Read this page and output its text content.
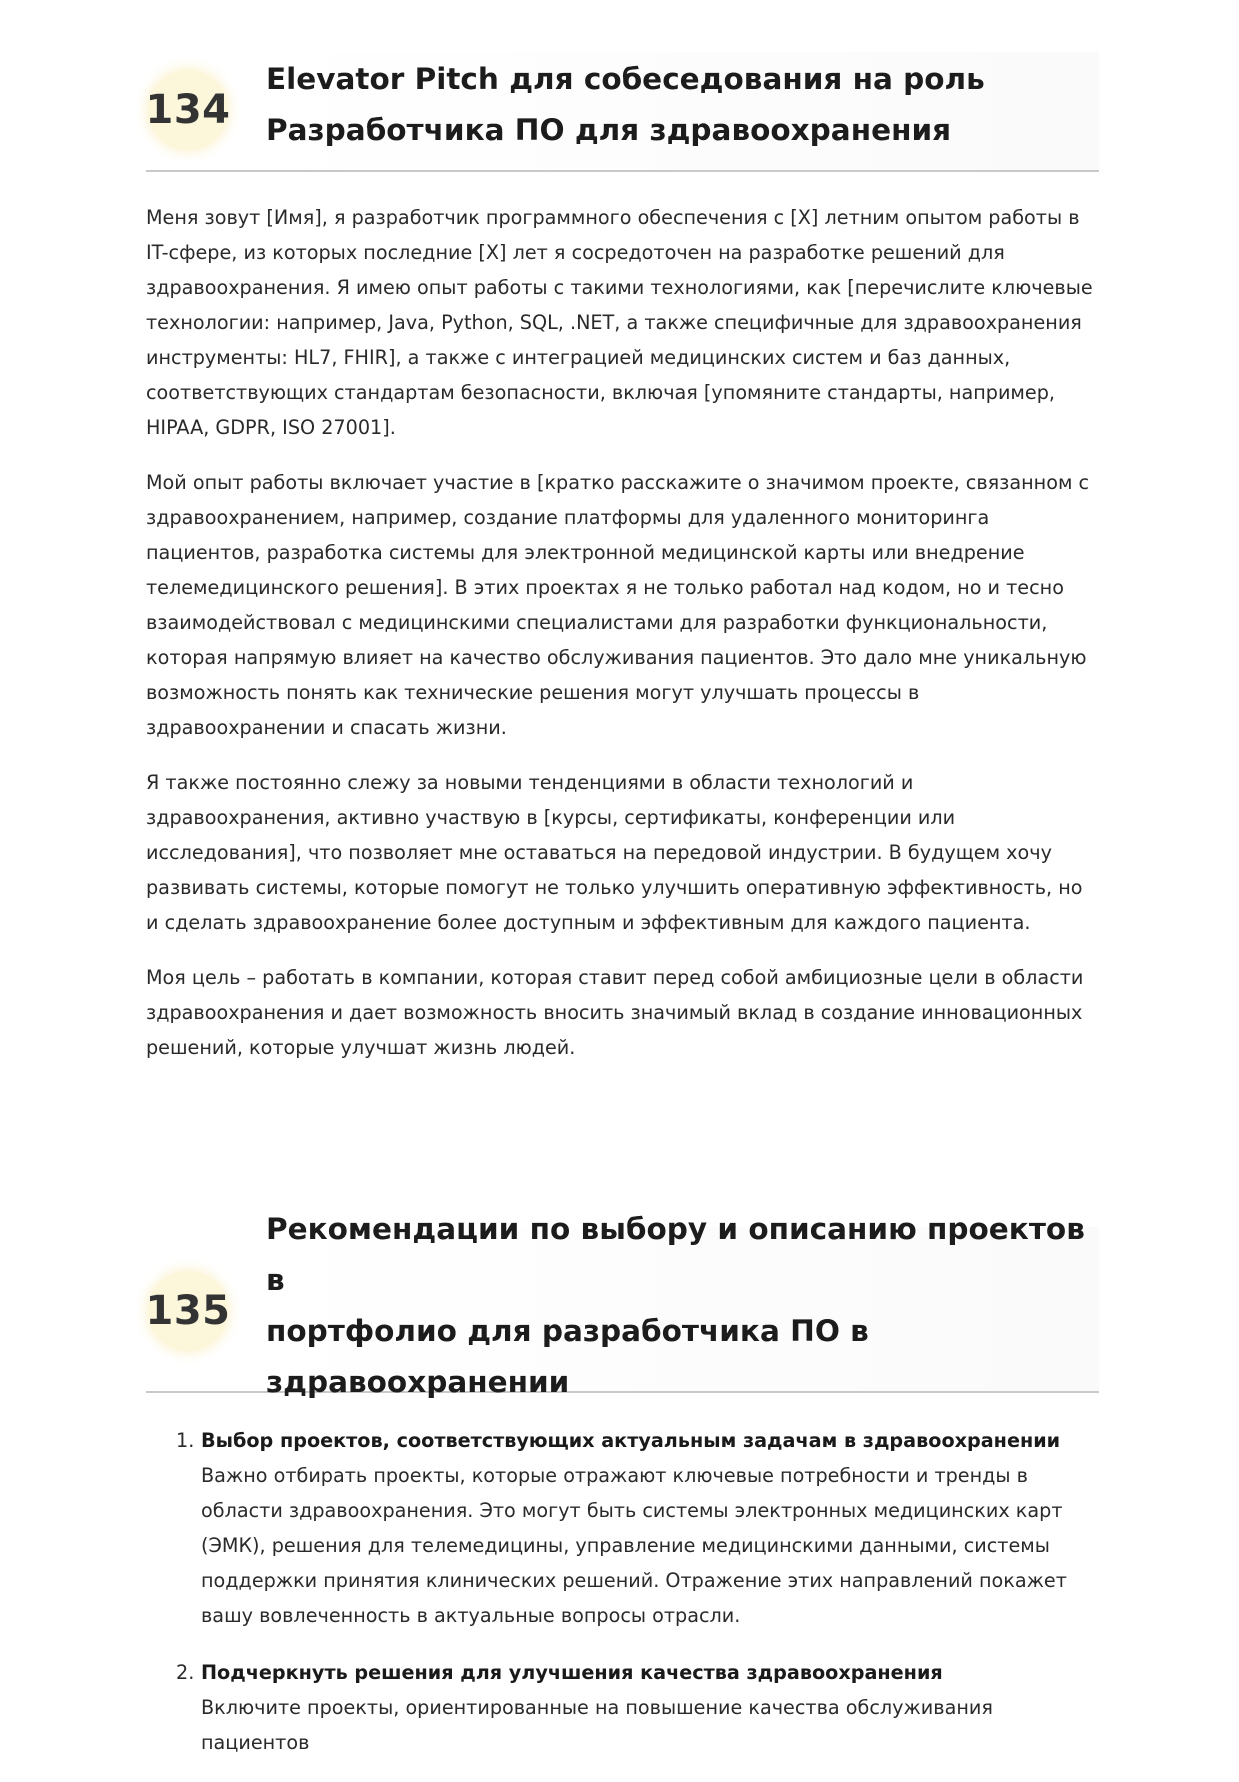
134
Elevator Pitch для собеседования на роль
Разработчика ПО для здравоохранения

Меня зовут [Имя], я разработчик программного обеспечения с [X] летним опытом работы в IT-сфере, из которых последние [X] лет я сосредоточен на разработке решений для здравоохранения. Я имею опыт работы с такими технологиями, как [перечислите ключевые технологии: например, Java, Python, SQL, .NET, а также специфичные для здравоохранения инструменты: HL7, FHIR], а также с интеграцией медицинских систем и баз данных, соответствующих стандартам безопасности, включая [упомяните стандарты, например, HIPAA, GDPR, ISO 27001].

Мой опыт работы включает участие в [кратко расскажите о значимом проекте, связанном с здравоохранением, например, создание платформы для удаленного мониторинга пациентов, разработка системы для электронной медицинской карты или внедрение телемедицинского решения]. В этих проектах я не только работал над кодом, но и тесно взаимодействовал с медицинскими специалистами для разработки функциональности, которая напрямую влияет на качество обслуживания пациентов. Это дало мне уникальную возможность понять как технические решения могут улучшать процессы в здравоохранении и спасать жизни.

Я также постоянно слежу за новыми тенденциями в области технологий и здравоохранения, активно участвую в [курсы, сертификаты, конференции или исследования], что позволяет мне оставаться на передовой индустрии. В будущем хочу развивать системы, которые помогут не только улучшить оперативную эффективность, но и сделать здравоохранение более доступным и эффективным для каждого пациента.

Моя цель – работать в компании, которая ставит перед собой амбициозные цели в области здравоохранения и дает возможность вносить значимый вклад в создание инновационных решений, которые улучшат жизнь людей.

135
Рекомендации по выбору и описанию проектов в
портфолио для разработчика ПО в
здравоохранении
1. Выбор проектов, соответствующих актуальным задачам в здравоохранении
Важно отбирать проекты, которые отражают ключевые потребности и тренды в области здравоохранения. Это могут быть системы электронных медицинских карт (ЭМК), решения для телемедицины, управление медицинскими данными, системы поддержки принятия клинических решений. Отражение этих направлений покажет вашу вовлеченность в актуальные вопросы отрасли.
2. Подчеркнуть решения для улучшения качества здравоохранения
Включите проекты, ориентированные на повышение качества обслуживания пациентов
